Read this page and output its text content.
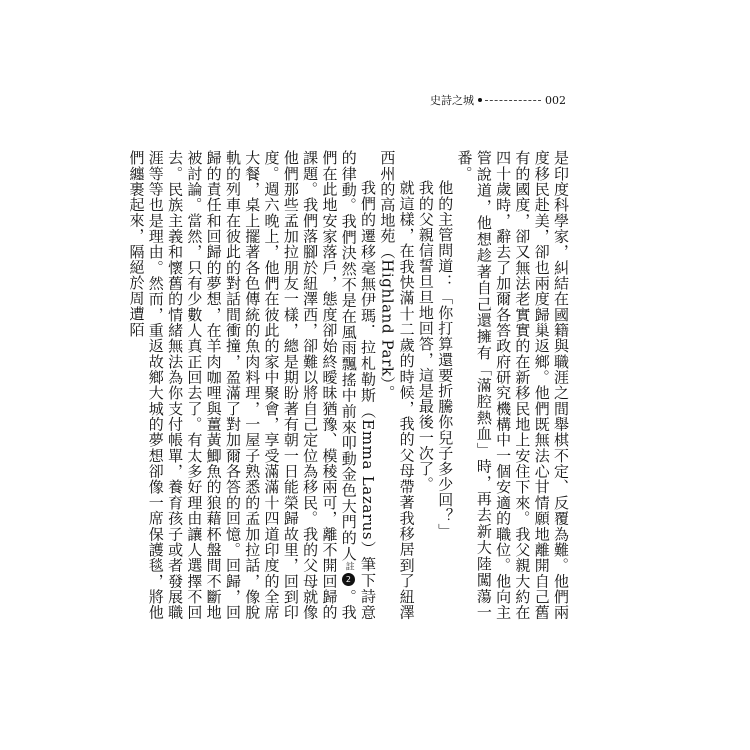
史詩之城	002

是印度科學家，糾結在國籍與職涯之間舉棋不定、反覆為難。他們兩度移民赴美，卻也兩度歸巢返鄉。他們既無法心甘情願地離開自己舊有的國度，卻又無法老實實的在新移民地上安住下來。我父親大約在四十歲時，辭去了加爾各答政府研究機構中一個安適的職位。他向主管說道，他想趁著自己還擁有「滿腔熱血」時，再去新大陸闖蕩一番。

他的主管問道：「你打算還要折騰你兒子多少回？」

我的父親信誓旦旦地回答，這是最後一次了。

就這樣，在我快滿十二歲的時候，我的父母帶著我移居到了紐澤西州的高地苑（Highland Park）。

我們的遷移毫無伊瑪．拉札勒斯（Emma Lazarus）筆下詩意的律動。我們決然不是在風雨飄搖中前來叩動金色大門的人註2。我們在此地安家落戶，態度卻始終曖昧猶豫、模稜兩可，離不開回歸的課題。我們落腳於紐澤西，卻難以將自己定位為移民。我的父母就像他們那些孟加拉朋友一樣，總是期盼著有朝一日能榮歸故里，回到印度。週六晚上，他們在彼此的家中聚會，享受滿滿十四道印度的全席大餐，桌上擺著各色傳統的魚肉料理，一屋子熟悉的孟加拉話，像脫軌的列車在彼此的對話間衝撞，盈滿了對加爾各答的回憶。回歸，回歸的責任和回歸的夢想，在羊肉咖哩與薑黃鯽魚的狼藉杯盤間不斷地被討論。當然，只有少數人真正回去了。有太多好理由讓人選擇不回去。民族主義和懷舊的情緒無法為你支付帳單，養育孩子或者發展職涯等等也是理由。然而，重返故鄉大城的夢想卻像一席保護毯，將他們纏裹起來，隔絕於周遭陌
